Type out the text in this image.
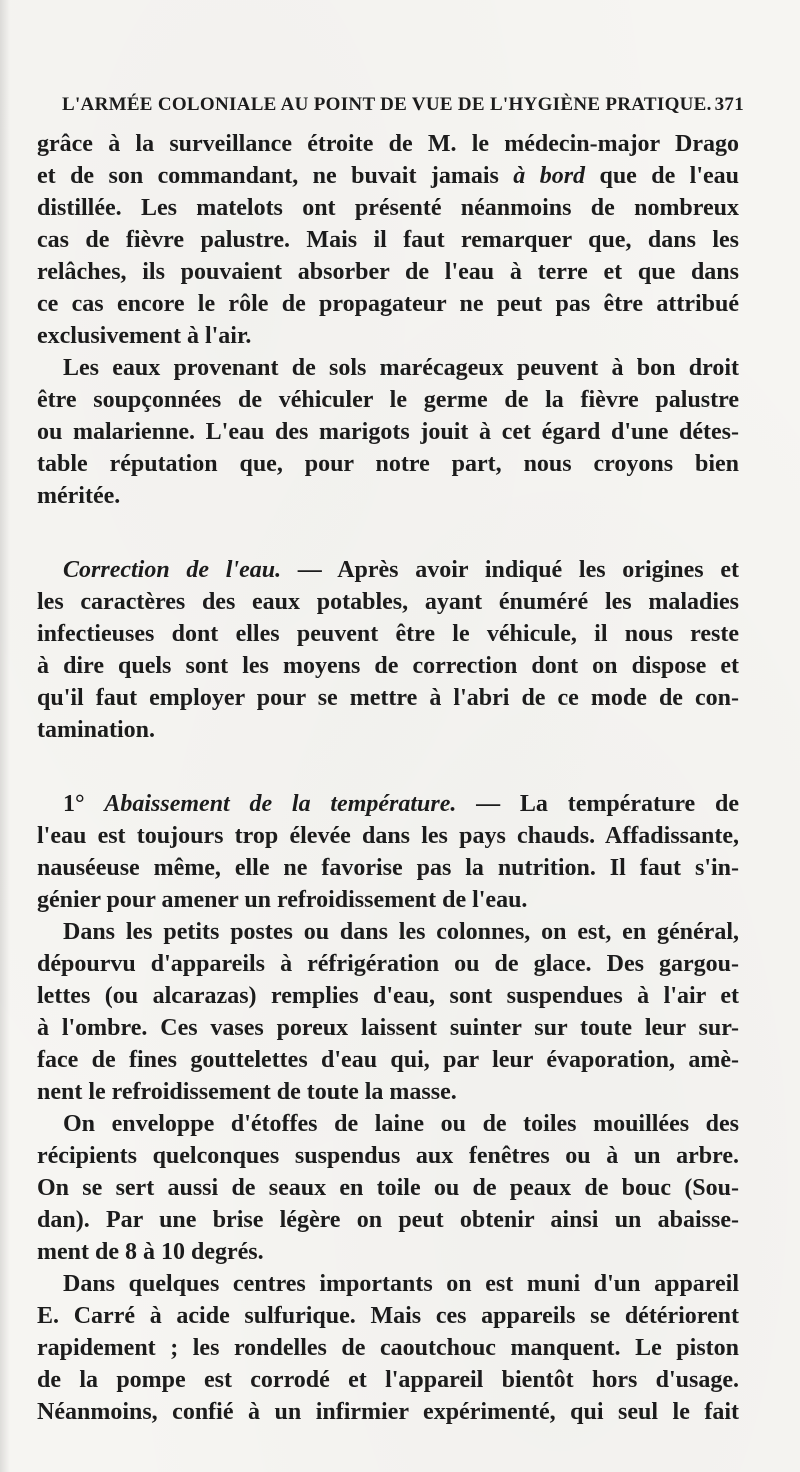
L'ARMÉE COLONIALE AU POINT DE VUE DE L'HYGIÈNE PRATIQUE. 371
grâce à la surveillance étroite de M. le médecin-major Drago
et de son commandant, ne buvait jamais à bord que de l'eau
distillée. Les matelots ont présenté néanmoins de nombreux
cas de fièvre palustre. Mais il faut remarquer que, dans les
relâches, ils pouvaient absorber de l'eau à terre et que dans
ce cas encore le rôle de propagateur ne peut pas être attribué
exclusivement à l'air.
Les eaux provenant de sols marécageux peuvent à bon droit
être soupçonnées de véhiculer le germe de la fièvre palustre
ou malarienne. L'eau des marigots jouit à cet égard d'une détes-
table réputation que, pour notre part, nous croyons bien
méritée.
Correction de l'eau. — Après avoir indiqué les origines et
les caractères des eaux potables, ayant énuméré les maladies
infectieuses dont elles peuvent être le véhicule, il nous reste
à dire quels sont les moyens de correction dont on dispose et
qu'il faut employer pour se mettre à l'abri de ce mode de con-
tamination.
1° Abaissement de la température. — La température de
l'eau est toujours trop élevée dans les pays chauds. Affadissante,
nauséeuse même, elle ne favorise pas la nutrition. Il faut s'in-
génier pour amener un refroidissement de l'eau.
Dans les petits postes ou dans les colonnes, on est, en général,
dépourvu d'appareils à réfrigération ou de glace. Des gargou-
lettes (ou alcarazas) remplies d'eau, sont suspendues à l'air et
à l'ombre. Ces vases poreux laissent suinter sur toute leur sur-
face de fines gouttelettes d'eau qui, par leur évaporation, amè-
nent le refroidissement de toute la masse.
On enveloppe d'étoffes de laine ou de toiles mouillées des
récipients quelconques suspendus aux fenêtres ou à un arbre.
On se sert aussi de seaux en toile ou de peaux de bouc (Sou-
dan). Par une brise légère on peut obtenir ainsi un abaisse-
ment de 8 à 10 degrés.
Dans quelques centres importants on est muni d'un appareil
E. Carré à acide sulfurique. Mais ces appareils se détériorent
rapidement ; les rondelles de caoutchouc manquent. Le piston
de la pompe est corrodé et l'appareil bientôt hors d'usage.
Néanmoins, confié à un infirmier expérimenté, qui seul le fait
